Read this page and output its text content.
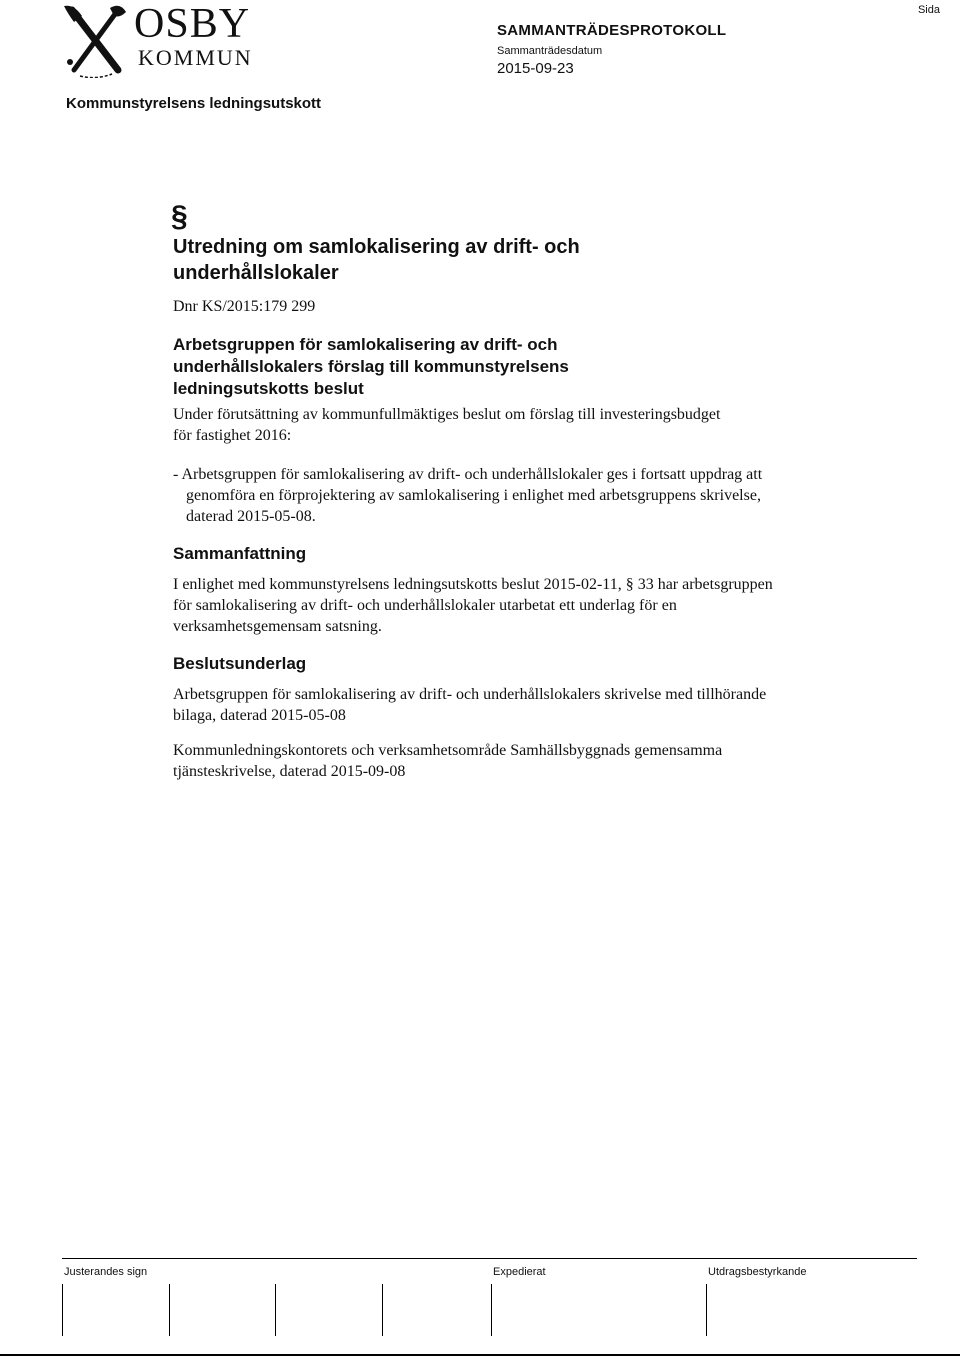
OSBY
KOMMUN
SAMMANTRÄDESPROTOKOLL
Sammanträdesdatum
2015-09-23
Sida
Kommunstyrelsens ledningsutskott
§
Utredning om samlokalisering av drift- och underhållslokaler

Dnr KS/2015:179 299

Arbetsgruppen för samlokalisering av drift- och underhållslokalers förslag till kommunstyrelsens ledningsutskotts beslut

Under förutsättning av kommunfullmäktiges beslut om förslag till investeringsbudget för fastighet 2016:

- Arbetsgruppen för samlokalisering av drift- och underhållslokaler ges i fortsatt uppdrag att genomföra en förprojektering av samlokalisering i enlighet med arbetsgruppens skrivelse, daterad 2015-05-08.

Sammanfattning

I enlighet med kommunstyrelsens ledningsutskotts beslut 2015-02-11, § 33 har arbetsgruppen för samlokalisering av drift- och underhållslokaler utarbetat ett underlag för en verksamhetsgemensam satsning.

Beslutsunderlag

Arbetsgruppen för samlokalisering av drift- och underhållslokalers skrivelse med tillhörande bilaga, daterad 2015-05-08

Kommunledningskontorets och verksamhetsområde Samhällsbyggnads gemensamma tjänsteskrivelse, daterad 2015-09-08

Justerandes sign	Expedierat	Utdragsbestyrkande
